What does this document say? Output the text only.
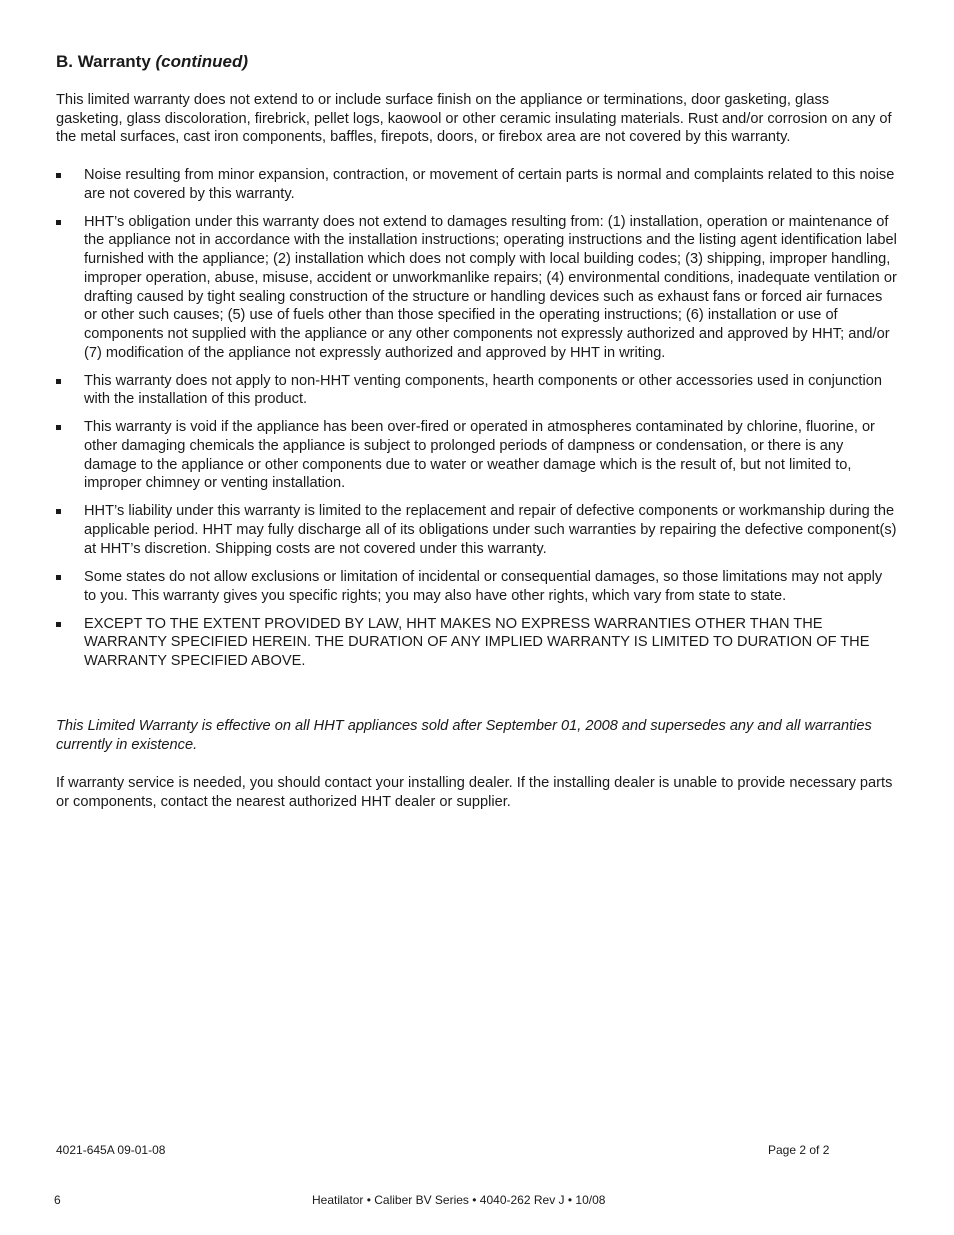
B. Warranty (continued)

This limited warranty does not extend to or include surface finish on the appliance or terminations, door gasketing, glass gasketing, glass discoloration, firebrick, pellet logs, kaowool or other ceramic insulating materials. Rust and/or corrosion on any of the metal surfaces, cast iron components, baffles, firepots, doors, or firebox area are not covered by this warranty.

Noise resulting from minor expansion, contraction, or movement of certain parts is normal and complaints related to this noise are not covered by this warranty.
HHT’s obligation under this warranty does not extend to damages resulting from: (1) installation, operation or maintenance of the appliance not in accordance with the installation instructions; operating instructions and the listing agent identification label furnished with the appliance; (2) installation which does not comply with local building codes; (3) shipping, improper handling, improper operation, abuse, misuse, accident or unworkmanlike repairs; (4) environmental conditions, inadequate ventilation or drafting caused by tight sealing construction of the structure or handling devices such as exhaust fans or forced air furnaces or other such causes; (5) use of fuels other than those specified in the operating instructions; (6) installation or use of components not supplied with the appliance or any other components not expressly authorized and approved by HHT; and/or (7) modification of the appliance not expressly authorized and approved by HHT in writing.
This warranty does not apply to non-HHT venting components, hearth components or other accessories used in conjunction with the installation of this product.
This warranty is void if the appliance has been over-fired or operated in atmospheres contaminated by chlorine, fluorine, or other damaging chemicals the appliance is subject to prolonged periods of dampness or condensation, or there is any damage to the appliance or other components due to water or weather damage which is the result of, but not limited to, improper chimney or venting installation.
HHT’s liability under this warranty is limited to the replacement and repair of defective components or workmanship during the applicable period. HHT may fully discharge all of its obligations under such warranties by repairing the defective component(s) at HHT’s discretion. Shipping costs are not covered under this warranty.
Some states do not allow exclusions or limitation of incidental or consequential damages, so those limitations may not apply to you. This warranty gives you specific rights; you may also have other rights, which vary from state to state.
EXCEPT TO THE EXTENT PROVIDED BY LAW, HHT MAKES NO EXPRESS WARRANTIES OTHER THAN THE WARRANTY SPECIFIED HEREIN. THE DURATION OF ANY IMPLIED WARRANTY IS LIMITED TO DURATION OF THE WARRANTY SPECIFIED ABOVE.

This Limited Warranty is effective on all HHT appliances sold after September 01, 2008 and supersedes any and all warranties currently in existence.

If warranty service is needed, you should contact your installing dealer. If the installing dealer is unable to provide necessary parts or components, contact the nearest authorized HHT dealer or supplier.

4021-645A 09-01-08	Page 2 of 2
6	Heatilator • Caliber BV Series • 4040-262 Rev J • 10/08
